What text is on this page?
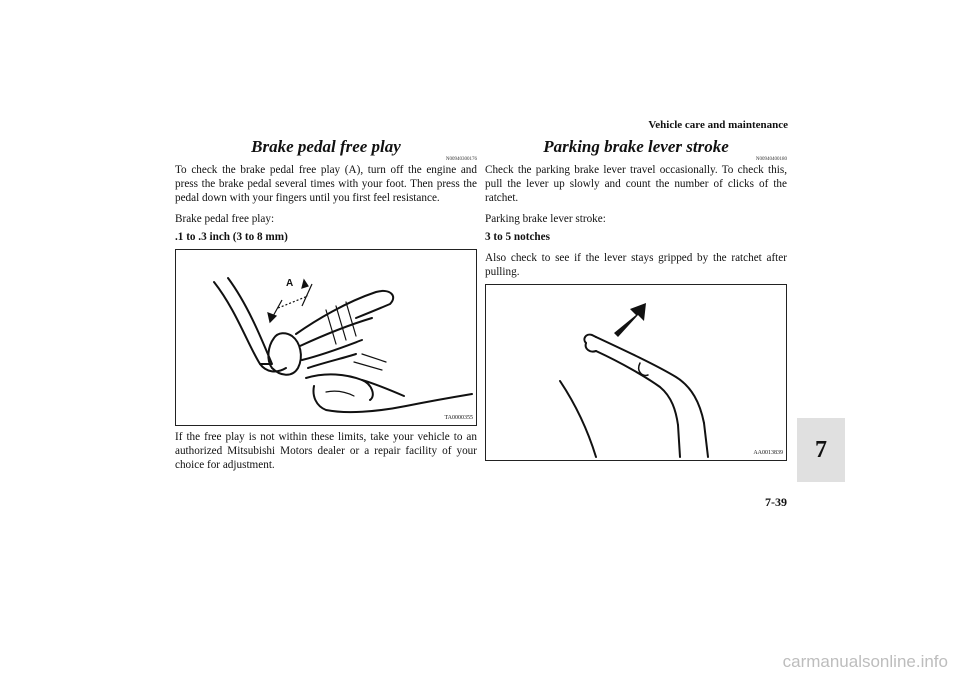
Vehicle care and maintenance
7
7-39
Brake pedal free play
N00940300176

To check the brake pedal free play (A), turn off the engine and press the brake pedal several times with your foot. Then press the pedal down with your fingers until you first feel resistance.

Brake pedal free play:

.1 to .3 inch (3 to 8 mm)

A
TA0000355

If the free play is not within these limits, take your vehicle to an authorized Mitsubishi Motors dealer or a repair facility of your choice for adjustment.

Parking brake lever stroke
N00940400180

Check the parking brake lever travel occasionally. To check this, pull the lever up slowly and count the number of clicks of the ratchet.

Parking brake lever stroke:

3 to 5 notches

Also check to see if the lever stays gripped by the ratchet after pulling.

AA0013839
carmanualsonline.info
